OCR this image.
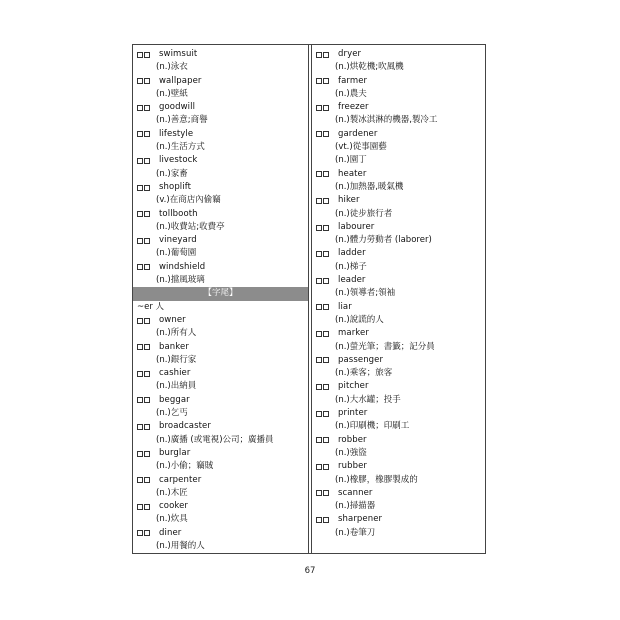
swimsuit
(n.)泳衣
wallpaper
(n.)壁紙
goodwill
(n.)善意;商譽
lifestyle
(n.)生活方式
livestock
(n.)家畜
shoplift
(v.)在商店內偷竊
tollbooth
(n.)收費站;收費亭
vineyard
(n.)葡萄園
windshield
(n.)擋風玻璃
【字尾】
~er 人
owner
(n.)所有人
banker
(n.)銀行家
cashier
(n.)出納員
beggar
(n.)乞丐
broadcaster
(n.)廣播 (或電視)公司；廣播員
burglar
(n.)小偷；竊賊
carpenter
(n.)木匠
cooker
(n.)炊具
diner
(n.)用餐的人
dryer
(n.)烘乾機;吹風機
farmer
(n.)農夫
freezer
(n.)製冰淇淋的機器,製冷工
gardener
(vt.)從事園藝
(n.)園丁
heater
(n.)加熱器,暖氣機
hiker
(n.)徒步旅行者
labourer
(n.)體力勞動者 (laborer)
ladder
(n.)梯子
leader
(n.)領導者;領袖
liar
(n.)說謊的人
marker
(n.)螢光筆；書籤；記分員
passenger
(n.)乘客；旅客
pitcher
(n.)大水罐；投手
printer
(n.)印刷機；印刷工
robber
(n.)強盜
rubber
(n.)橡膠，橡膠製成的
scanner
(n.)掃描器
sharpener
(n.)卷筆刀
67
